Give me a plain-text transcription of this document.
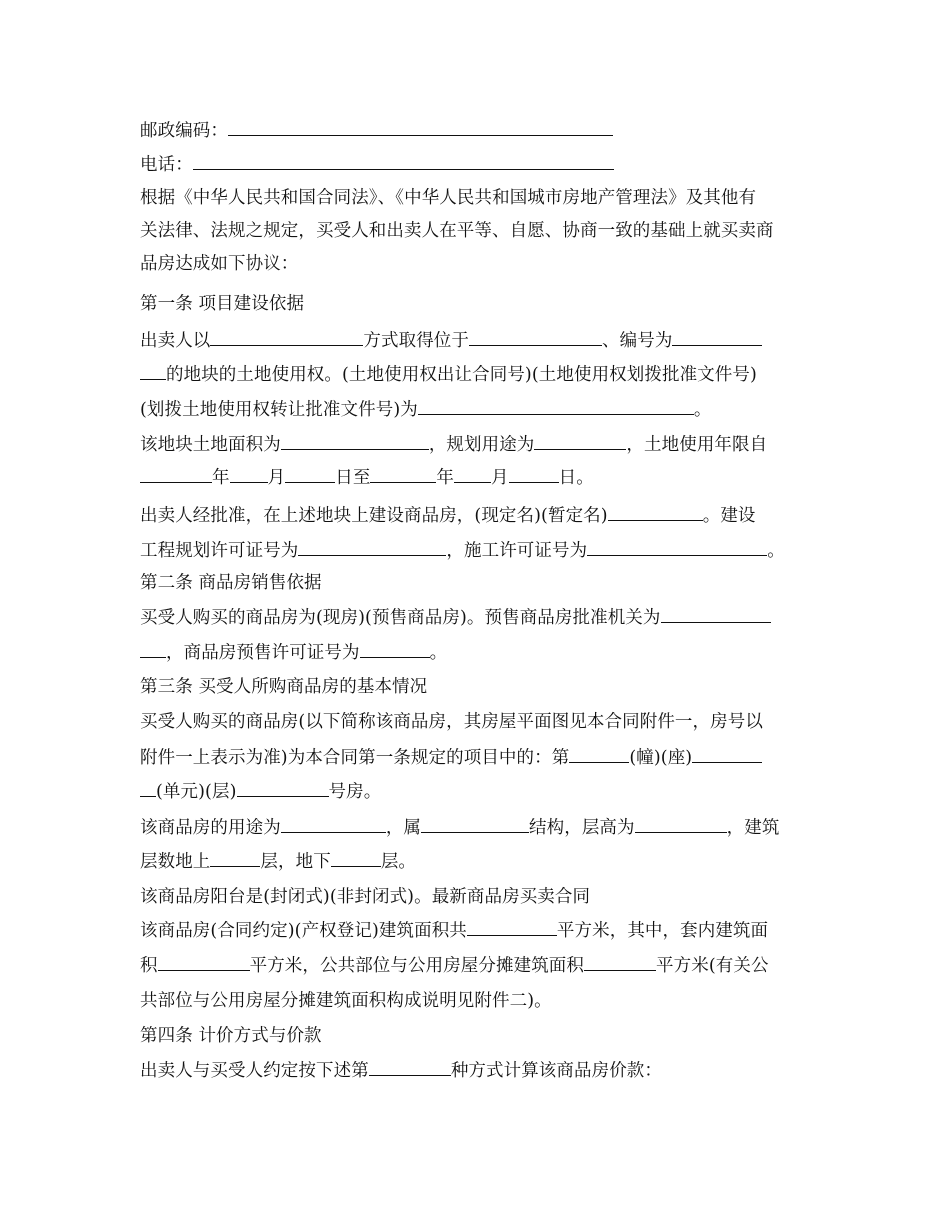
邮政编码：
电话：
根据《中华人民共和国合同法》、《中华人民共和国城市房地产管理法》及其他有
关法律、法规之规定，买受人和出卖人在平等、自愿、协商一致的基础上就买卖商
品房达成如下协议：
第一条 项目建设依据
出卖人以	方式取得位于	、编号为
的地块的土地使用权。(土地使用权出让合同号)(土地使用权划拨批准文件号)
(划拨土地使用权转让批准文件号)为	。
该地块土地面积为	，规划用途为	，土地使用年限自
年 月	日至	年 月	日。
出卖人经批准，在上述地块上建设商品房，(现定名)(暂定名)	。建设
工程规划许可证号为	，施工许可证号为	。
第二条 商品房销售依据
买受人购买的商品房为(现房)(预售商品房)。预售商品房批准机关为
，商品房预售许可证号为	。
第三条 买受人所购商品房的基本情况
买受人购买的商品房(以下简称该商品房，其房屋平面图见本合同附件一，房号以
附件一上表示为准)为本合同第一条规定的项目中的：第	(幢)(座)
(单元)(层)	号房。
该商品房的用途为	，属	结构，层高为	，建筑
层数地上	层，地下	层。
该商品房阳台是(封闭式)(非封闭式)。最新商品房买卖合同
该商品房(合同约定)(产权登记)建筑面积共	平方米，其中，套内建筑面
积	平方米，公共部位与公用房屋分摊建筑面积	平方米(有关公
共部位与公用房屋分摊建筑面积构成说明见附件二)。
第四条 计价方式与价款
出卖人与买受人约定按下述第	种方式计算该商品房价款：
